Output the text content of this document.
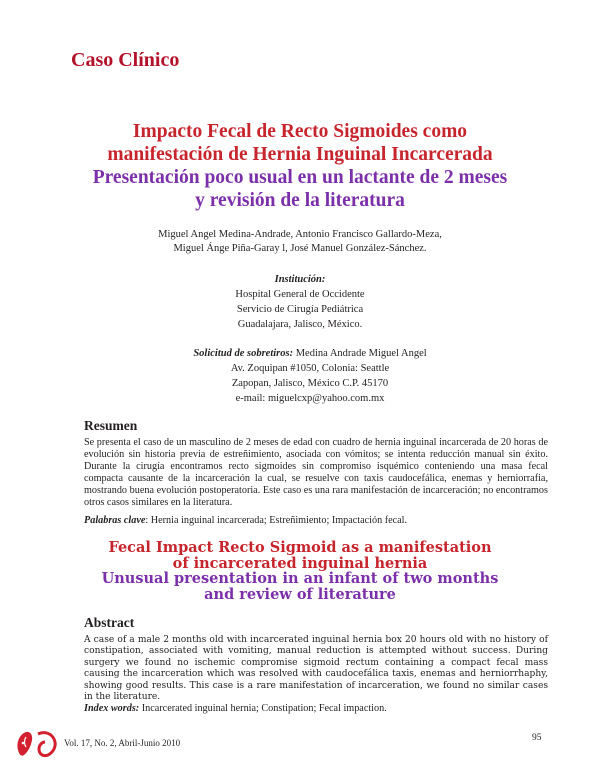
Caso Clínico
Impacto Fecal de Recto Sigmoides como
manifestación de Hernia Inguinal Incarcerada
Presentación poco usual en un lactante de 2 meses
y revisión de la literatura
Miguel Angel Medina-Andrade, Antonio Francisco Gallardo-Meza,
Miguel Ánge Piña-Garay l, José Manuel González-Sánchez.
Institución:
Hospital General de Occidente
Servicio de Cirugía Pediátrica
Guadalajara, Jalisco, México.
Solicitud de sobretiros: Medina Andrade Miguel Angel
Av. Zoquipan #1050, Colonia: Seattle
Zapopan, Jalisco, México C.P. 45170
e-mail: miguelcxp@yahoo.com.mx
Resumen
Se presenta el caso de un masculino de 2 meses de edad con cuadro de hernia inguinal incarcerada de 20 horas de evolución sin historia previa de estreñimiento, asociada con vómitos; se intenta reducción manual sin éxito. Durante la cirugía encontramos recto sigmoides sin compromiso isquémico conteniendo una masa fecal compacta causante de la incarceración la cual, se resuelve con taxis caudocefálica, enemas y herniorrafia, mostrando buena evolución postoperatoria. Este caso es una rara manifestación de incarceración; no encontramos otros casos similares en la literatura.
Palabras clave: Hernia inguinal incarcerada; Estreñimiento; Impactación fecal.
Fecal Impact Recto Sigmoid as a manifestation
of incarcerated inguinal hernia
Unusual presentation in an infant of two months
and review of literature
Abstract
A case of a male 2 months old with incarcerated inguinal hernia box 20 hours old with no history of constipation, associated with vomiting, manual reduction is attempted without success. During surgery we found no ischemic compromise sigmoid rectum containing a compact fecal mass causing the incarceration which was resolved with caudocefálica taxis, enemas and herniorrhaphy, showing good results. This case is a rare manifestation of incarceration, we found no similar cases in the literature.
Index words: Incarcerated inguinal hernia; Constipation; Fecal impaction.
Vol. 17, No. 2, Abril-Junio 2010	95
